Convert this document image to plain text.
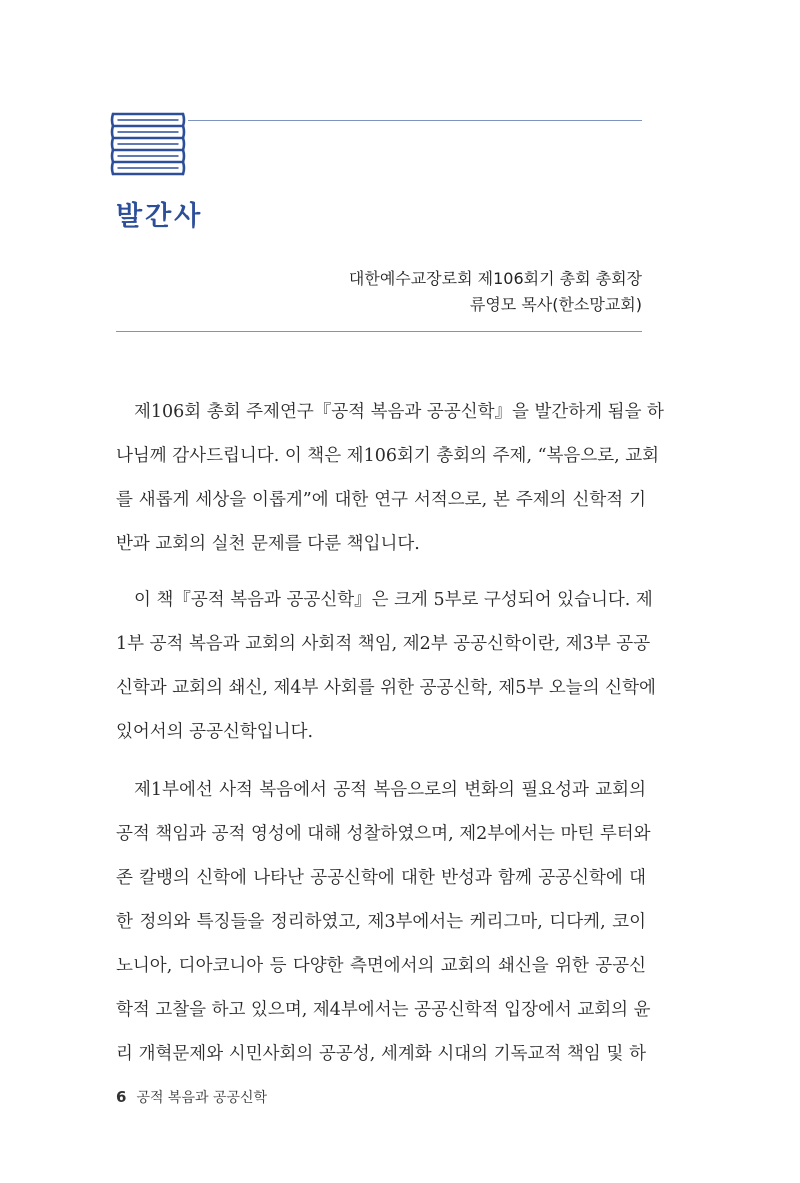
발간사
대한예수교장로회 제106회기 총회 총회장
류영모 목사(한소망교회)
제106회 총회 주제연구『공적 복음과 공공신학』을 발간하게 됨을 하
나님께 감사드립니다. 이 책은 제106회기 총회의 주제, “복음으로, 교회
를 새롭게 세상을 이롭게”에 대한 연구 서적으로, 본 주제의 신학적 기
반과 교회의 실천 문제를 다룬 책입니다.
이 책『공적 복음과 공공신학』은 크게 5부로 구성되어 있습니다. 제
1부 공적 복음과 교회의 사회적 책임, 제2부 공공신학이란, 제3부 공공
신학과 교회의 쇄신, 제4부 사회를 위한 공공신학, 제5부 오늘의 신학에
있어서의 공공신학입니다.
제1부에선 사적 복음에서 공적 복음으로의 변화의 필요성과 교회의
공적 책임과 공적 영성에 대해 성찰하였으며, 제2부에서는 마틴 루터와
존 칼뱅의 신학에 나타난 공공신학에 대한 반성과 함께 공공신학에 대
한 정의와 특징들을 정리하였고, 제3부에서는 케리그마, 디다케, 코이
노니아, 디아코니아 등 다양한 측면에서의 교회의 쇄신을 위한 공공신
학적 고찰을 하고 있으며, 제4부에서는 공공신학적 입장에서 교회의 윤
리 개혁문제와 시민사회의 공공성, 세계화 시대의 기독교적 책임 및 하
6 공적 복음과 공공신학
